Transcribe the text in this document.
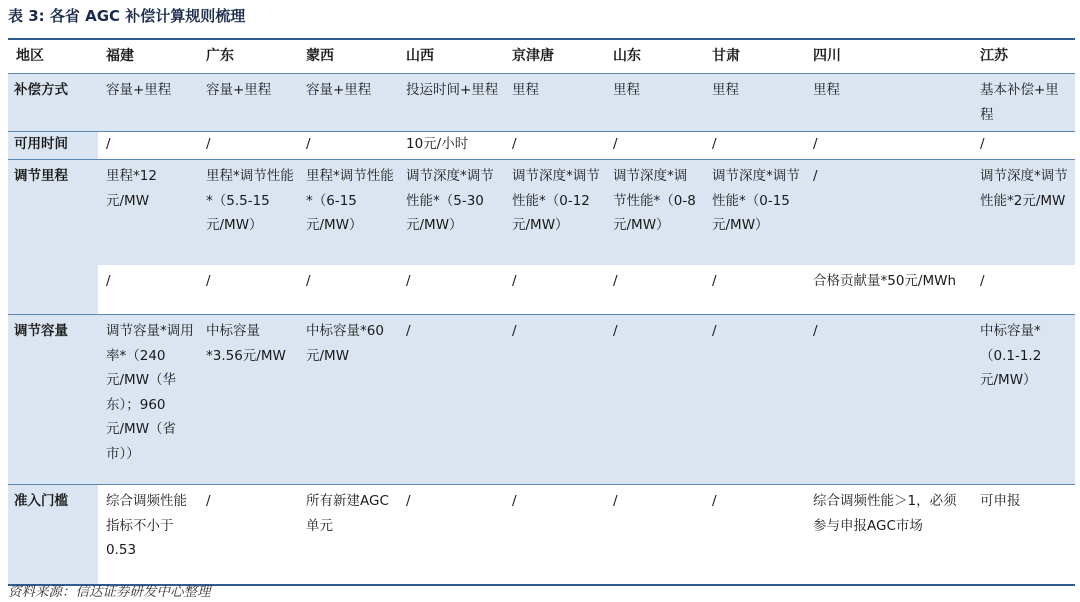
表 3: 各省 AGC 补偿计算规则梳理
地区	福建	广东	蒙西	山西	京津唐	山东	甘肃	四川	江苏
补偿方式	容量+里程	容量+里程	容量+里程	投运时间+里程	里程	里程	里程	里程	基本补偿+里程
可用时间	/	/	/	10元/小时	/	/	/	/	/
调节里程	里程*12元/MW	里程*调节性能*（5.5-15元/MW）	里程*调节性能*（6-15元/MW）	调节深度*调节性能*（5-30元/MW）	调节深度*调节性能*（0-12元/MW）	调节深度*调节性能*（0-8元/MW）	调节深度*调节性能*（0-15元/MW）	/	调节深度*调节性能*2元/MW
	/	/	/	/	/	/	/	合格贡献量*50元/MWh	/
调节容量	调节容量*调用率*（240元/MW（华东）；960元/MW（省市））	中标容量*3.56元/MW	中标容量*60元/MW	/	/	/	/	/	中标容量*（0.1-1.2元/MW）
准入门槛	综合调频性能指标不小于0.53	/	所有新建AGC单元	/	/	/	/	综合调频性能＞1，必须参与申报AGC市场	可申报
资料来源：信达证券研发中心整理
